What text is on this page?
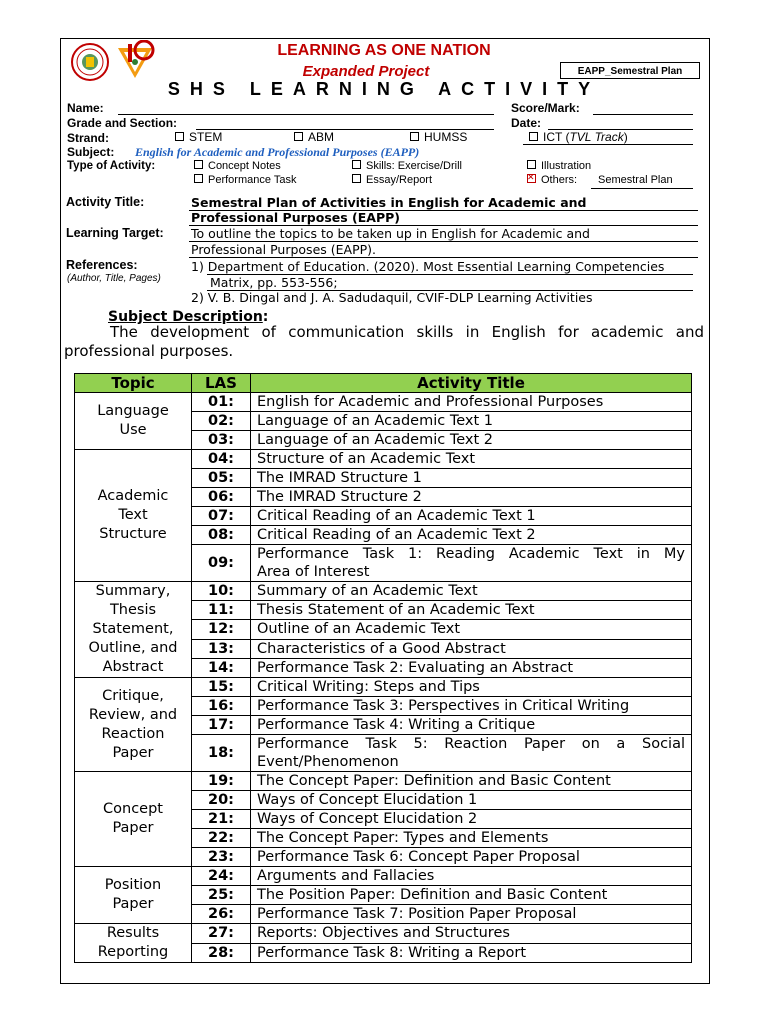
LEARNING AS ONE NATION
Expanded Project	EAPP_Semestral Plan
SHS LEARNING ACTIVITY
Name:	Score/Mark:
Grade and Section:	Date:
Strand:	STEM	ABM	HUMSS	ICT (TVL Track)
Subject: English for Academic and Professional Purposes (EAPP)
Type of Activity:	Concept Notes	Skills: Exercise/Drill	Illustration
Performance Task	Essay/Report ✕	Others: Semestral Plan
Activity Title:	Semestral Plan of Activities in English for Academic and
Professional Purposes (EAPP)
Learning Target: To outline the topics to be taken up in English for Academic and
Professional Purposes (EAPP).
References:
(Author, Title, Pages)
1) Department of Education. (2020). Most Essential Learning Competencies
Matrix, pp. 553-556;
2) V. B. Dingal and J. A. Sadudaquil, CVIF-DLP Learning Activities
Subject Description:
The development of communication skills in English for academic and
professional purposes.
Topic	LAS	Activity Title
Language
Use	01:	English for Academic and Professional Purposes
	02:	Language of an Academic Text 1
	03:	Language of an Academic Text 2
Academic
Text
Structure	04:	Structure of an Academic Text
	05:	The IMRAD Structure 1
	06:	The IMRAD Structure 2
	07:	Critical Reading of an Academic Text 1
	08:	Critical Reading of an Academic Text 2
	09:	Performance Task 1: Reading Academic Text in My
Area of Interest

Summary,
Thesis
Statement,
Outline, and
Abstract	10:	Summary of an Academic Text
	11:	Thesis Statement of an Academic Text
	12:	Outline of an Academic Text
	13:	Characteristics of a Good Abstract
	14:	Performance Task 2: Evaluating an Abstract
Critique,
Review, and
Reaction
Paper	15:	Critical Writing: Steps and Tips
	16:	Performance Task 3: Perspectives in Critical Writing
	17:	Performance Task 4: Writing a Critique
	18:	Performance Task 5: Reaction Paper on a Social
Event/Phenomenon

Concept
Paper	19:	The Concept Paper: Definition and Basic Content
	20:	Ways of Concept Elucidation 1
	21:	Ways of Concept Elucidation 2
	22:	The Concept Paper: Types and Elements
	23:	Performance Task 6: Concept Paper Proposal
Position
Paper	24:	Arguments and Fallacies
	25:	The Position Paper: Definition and Basic Content
	26:	Performance Task 7: Position Paper Proposal
Results
Reporting	27:	Reports: Objectives and Structures
	28:	Performance Task 8: Writing a Report
